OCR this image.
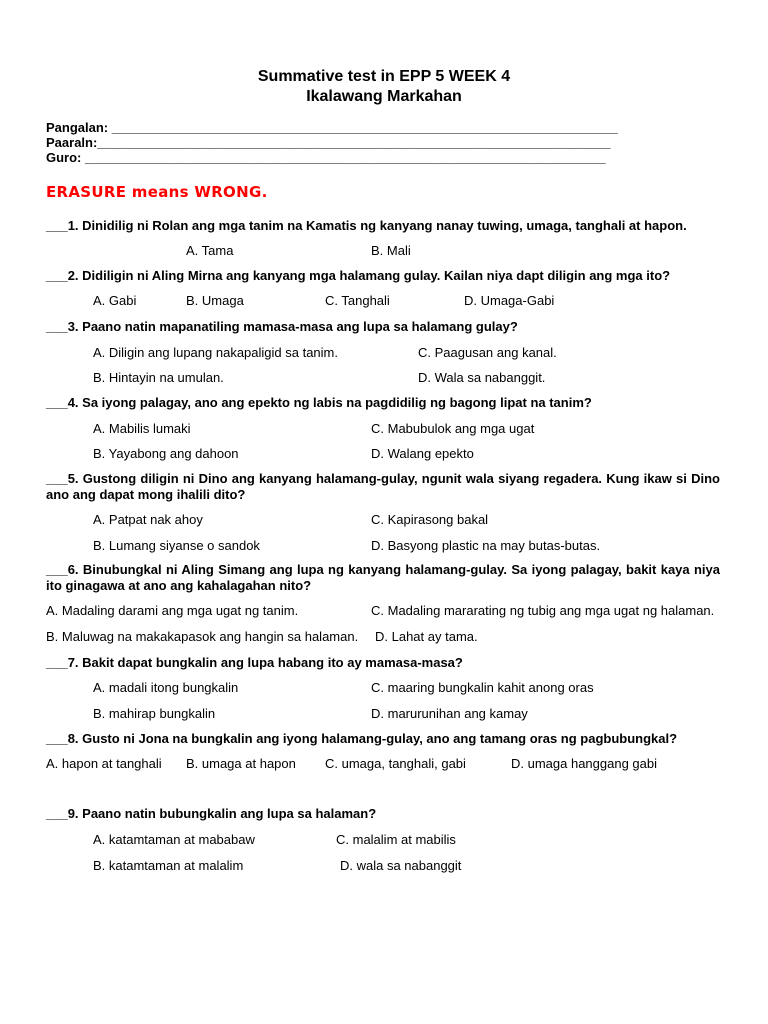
Summative test in EPP 5 WEEK 4
Ikalawang Markahan
Pangalan: ______________________________________________________________________
Paaraln:_______________________________________________________________________
Guro: ________________________________________________________________________
ERASURE means WRONG.
___1. Dinidilig ni Rolan ang mga tanim na Kamatis ng kanyang nanay tuwing, umaga, tanghali at hapon.
A. Tama	B. Mali
___2. Didiligin ni Aling Mirna ang kanyang mga halamang gulay. Kailan niya dapt diligin ang mga ito?
A. Gabi	B. Umaga	C. Tanghali	D. Umaga-Gabi
___3. Paano natin mapanatiling mamasa-masa ang lupa sa halamang gulay?
A. Diligin ang lupang nakapaligid sa tanim.	C. Paagusan ang kanal.
B. Hintayin na umulan.	D. Wala sa nabanggit.
___4. Sa iyong palagay, ano ang epekto ng labis na pagdidilig ng bagong lipat na tanim?
A. Mabilis lumaki	C. Mabubulok ang mga ugat
B. Yayabong ang dahoon	D. Walang epekto
___5. Gustong diligin ni Dino ang kanyang halamang-gulay, ngunit wala siyang regadera. Kung ikaw si Dino ano ang dapat mong ihalili dito?
A. Patpat nak ahoy	C. Kapirasong bakal
B. Lumang siyanse o sandok	D. Basyong plastic na may butas-butas.
___6. Binubungkal ni Aling Simang ang lupa ng kanyang halamang-gulay. Sa iyong palagay, bakit kaya niya ito ginagawa at ano ang kahalagahan nito?
A. Madaling darami ang mga ugat ng tanim.	C. Madaling mararating ng tubig ang mga ugat ng halaman.
B. Maluwag na makakapasok ang hangin sa halaman. D. Lahat ay tama.
___7. Bakit dapat bungkalin ang lupa habang ito ay mamasa-masa?
A. madali itong bungkalin	C. maaring bungkalin kahit anong oras
B. mahirap bungkalin	D. marurunihan ang kamay
___8. Gusto ni Jona na bungkalin ang iyong halamang-gulay, ano ang tamang oras ng pagbubungkal?
A. hapon at tanghali B. umaga at hapon C. umaga, tanghali, gabi	D. umaga hanggang gabi
___9. Paano natin bubungkalin ang lupa sa halaman?
A. katamtaman at mababaw	C. malalim at mabilis
B. katamtaman at malalim	D. wala sa nabanggit
